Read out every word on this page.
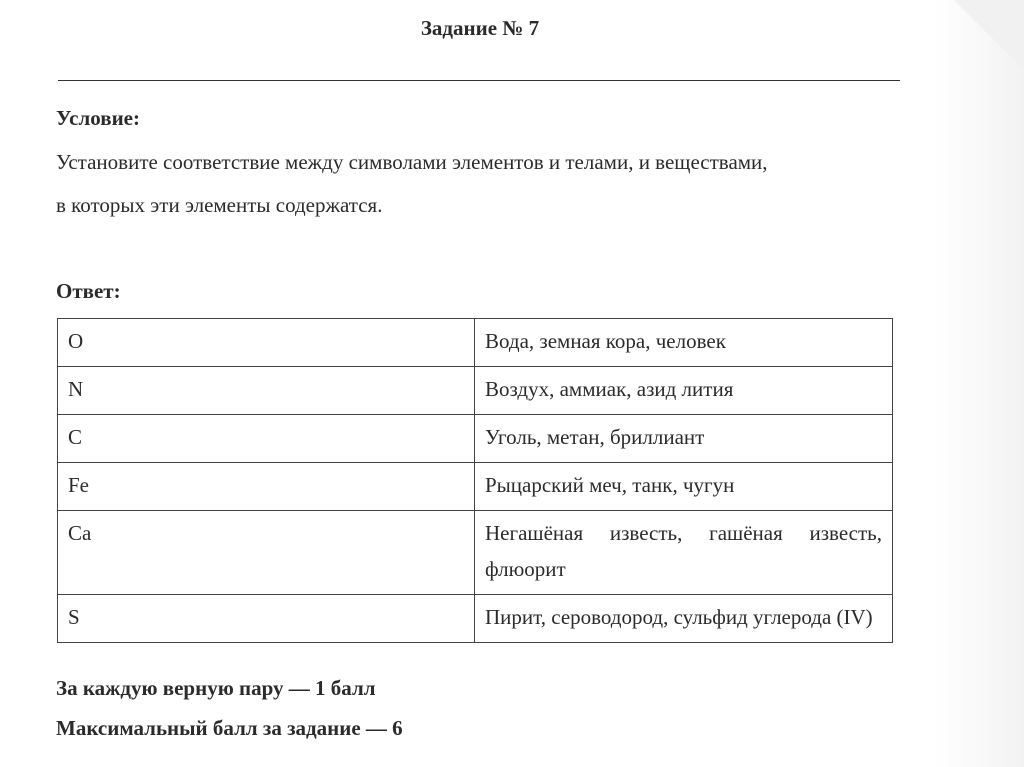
Задание № 7
Условие:
Установите соответствие между символами элементов и телами, и веществами,
в которых эти элементы содержатся.
Ответ:
O	Вода, земная кора, человек
N	Воздух, аммиак, азид лития
C	Уголь, метан, бриллиант
Fe	Рыцарский меч, танк, чугун
Ca	Негашёная известь, гашёная известь, флюорит
S	Пирит, сероводород, сульфид углерода (IV)
За каждую верную пару — 1 балл
Максимальный балл за задание — 6
